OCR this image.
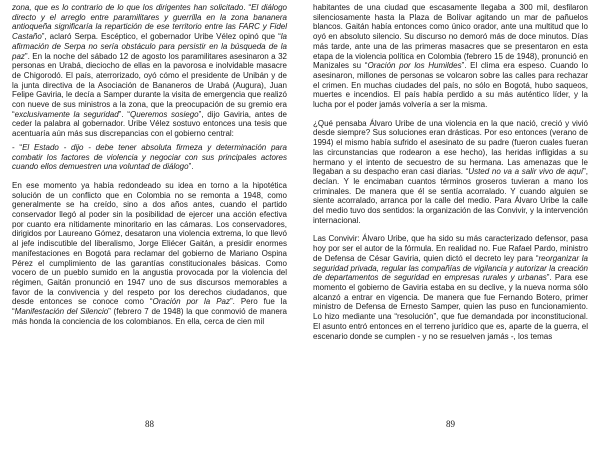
zona, que es lo contrario de lo que los dirigentes han solicitado. “El diálogo directo y el arreglo entre paramilitares y guerrilla en la zona bananera antioqueña significaría la repartición de ese territorio entre las FARC y Fidel Castaño”, aclaró Serpa. Escéptico, el gobernador Uribe Vélez opinó que “la afirmación de Serpa no sería obstáculo para persistir en la búsqueda de la paz”. En la noche del sábado 12 de agosto los paramilitares asesinaron a 32 personas en Urabá, dieciocho de ellas en la pavorosa e inolvidable masacre de Chigorodó. El país, aterrorizado, oyó cómo el presidente de Unibán y de la junta directiva de la Asociación de Bananeros de Urabá (Augura), Juan Felipe Gaviria, le decía a Samper durante la visita de emergencia que realizó con nueve de sus ministros a la zona, que la preocupación de su gremio era “exclusivamente la seguridad”. “Queremos sosiego”, dijo Gaviria, antes de ceder la palabra al gobernador. Uribe Vélez sostuvo entonces una tesis que acentuaría aún más sus discrepancias con el gobierno central:

- “El Estado - dijo - debe tener absoluta firmeza y determinación para combatir los factores de violencia y negociar con sus principales actores cuando ellos demuestren una voluntad de diálogo”.

En ese momento ya había redondeado su idea en torno a la hipotética solución de un conflicto que en Colombia no se remonta a 1948, como generalmente se ha creído, sino a dos años antes, cuando el partido conservador llegó al poder sin la posibilidad de ejercer una acción efectiva por cuanto era nítidamente minoritario en las cámaras. Los conservadores, dirigidos por Laureano Gómez, desataron una violencia extrema, lo que llevó al jefe indiscutible del liberalismo, Jorge Eliécer Gaitán, a presidir enormes manifestaciones en Bogotá para reclamar del gobierno de Mariano Ospina Pérez el cumplimiento de las garantías constitucionales básicas. Como vocero de un pueblo sumido en la angustia provocada por la violencia del régimen, Gaitán pronunció en 1947 uno de sus discursos memorables a favor de la convivencia y del respeto por los derechos ciudadanos, que desde entonces se conoce como “Oración por la Paz”. Pero fue la “Manifestación del Silencio” (febrero 7 de 1948) la que conmovió de manera más honda la conciencia de los colombianos. En ella, cerca de cien mil

88

habitantes de una ciudad que escasamente llegaba a 300 mil, desfilaron silenciosamente hasta la Plaza de Bolívar agitando un mar de pañuelos blancos. Gaitán había entonces como único orador, ante una multitud que lo oyó en absoluto silencio. Su discurso no demoró más de doce minutos. Días más tarde, ante una de las primeras masacres que se presentaron en esta etapa de la violencia política en Colombia (febrero 15 de 1948), pronunció en Manizales su “Oración por los Humildes”. El clima era espeso. Cuando lo asesinaron, millones de personas se volcaron sobre las calles para rechazar el crimen. En muchas ciudades del país, no sólo en Bogotá, hubo saqueos, muertes e incendios. El país había perdido a su más auténtico líder, y la lucha por el poder jamás volvería a ser la misma.

¿Qué pensaba Álvaro Uribe de una violencia en la que nació, creció y vivió desde siempre? Sus soluciones eran drásticas. Por eso entonces (verano de 1994) el mismo había sufrido el asesinato de su padre (fueron cuales fueran las circunstancias que rodearon a ese hecho), las heridas infligidas a su hermano y el intento de secuestro de su hermana. Las amenazas que le llegaban a su despacho eran casi diarias. “Usted no va a salir vivo de aquí”, decían. Y le encimaban cuantos términos groseros tuvieran a mano los criminales. De manera que él se sentía acorralado. Y cuando alguien se siente acorralado, arranca por la calle del medio. Para Álvaro Uribe la calle del medio tuvo dos sentidos: la organización de las Convivir, y la intervención internacional.

Las Convivir: Álvaro Uribe, que ha sido su más caracterizado defensor, pasa hoy por ser el autor de la fórmula. En realidad no. Fue Rafael Pardo, ministro de Defensa de César Gaviria, quien dictó el decreto ley para “reorganizar la seguridad privada, regular las compañías de vigilancia y autorizar la creación de departamentos de seguridad en empresas rurales y urbanas”. Para ese momento el gobierno de Gaviria estaba en su declive, y la nueva norma sólo alcanzó a entrar en vigencia. De manera que fue Fernando Botero, primer ministro de Defensa de Ernesto Samper, quien las puso en funcionamiento. Lo hizo mediante una “resolución”, que fue demandada por inconstitucional. El asunto entró entonces en el terreno jurídico que es, aparte de la guerra, el escenario donde se cumplen - y no se resuelven jamás -, los temas

89
